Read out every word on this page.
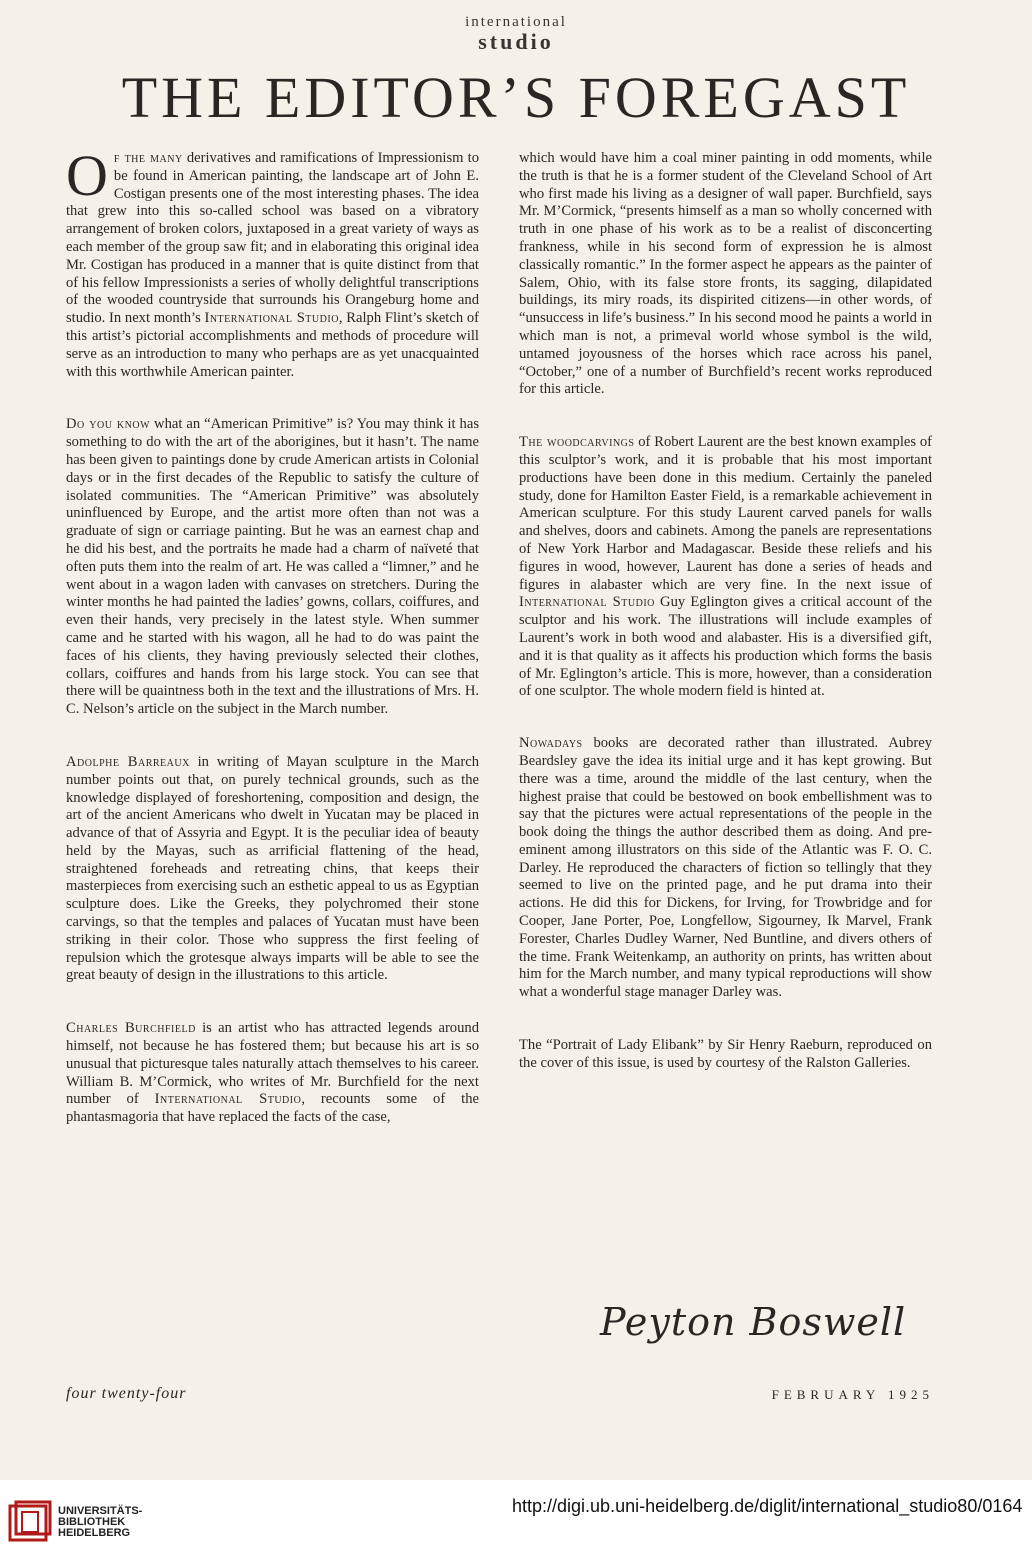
international
studio
THE EDITOR’S FOREGAST

Of the many derivatives and ramifications of Impressionism to be found in American painting, the landscape art of John E. Costigan presents one of the most interesting phases. The idea that grew into this so-called school was based on a vibratory arrangement of broken colors, juxtaposed in a great variety of ways as each member of the group saw fit; and in elaborating this original idea Mr. Costigan has produced in a manner that is quite distinct from that of his fellow Impressionists a series of wholly delightful transcriptions of the wooded countryside that surrounds his Orangeburg home and studio. In next month’s International Studio, Ralph Flint’s sketch of this artist’s pictorial accomplishments and methods of procedure will serve as an introduction to many who perhaps are as yet unacquainted with this worthwhile American painter.

Do you know what an “American Primitive” is? You may think it has something to do with the art of the aborigines, but it hasn’t. The name has been given to paintings done by crude American artists in Colonial days or in the first decades of the Republic to satisfy the culture of isolated communities. The “American Primitive” was absolutely uninfluenced by Europe, and the artist more often than not was a graduate of sign or carriage painting. But he was an earnest chap and he did his best, and the portraits he made had a charm of naïveté that often puts them into the realm of art. He was called a “limner,” and he went about in a wagon laden with canvases on stretchers. During the winter months he had painted the ladies’ gowns, collars, coiffures, and even their hands, very precisely in the latest style. When summer came and he started with his wagon, all he had to do was paint the faces of his clients, they having previously selected their clothes, collars, coiffures and hands from his large stock. You can see that there will be quaintness both in the text and the illustrations of Mrs. H. C. Nelson’s article on the subject in the March number.

Adolphe Barreaux in writing of Mayan sculpture in the March number points out that, on purely technical grounds, such as the knowledge displayed of foreshortening, composition and design, the art of the ancient Americans who dwelt in Yucatan may be placed in advance of that of Assyria and Egypt. It is the peculiar idea of beauty held by the Mayas, such as arrificial flattening of the head, straightened foreheads and retreating chins, that keeps their masterpieces from exercising such an esthetic appeal to us as Egyptian sculpture does. Like the Greeks, they polychromed their stone carvings, so that the temples and palaces of Yucatan must have been striking in their color. Those who suppress the first feeling of repulsion which the grotesque always imparts will be able to see the great beauty of design in the illustrations to this article.

Charles Burchfield is an artist who has attracted legends around himself, not because he has fostered them; but because his art is so unusual that picturesque tales naturally attach themselves to his career. William B. M’Cormick, who writes of Mr. Burchfield for the next number of International Studio, recounts some of the phantasmagoria that have replaced the facts of the case,

which would have him a coal miner painting in odd moments, while the truth is that he is a former student of the Cleveland School of Art who first made his living as a designer of wall paper. Burchfield, says Mr. M’Cormick, “presents himself as a man so wholly concerned with truth in one phase of his work as to be a realist of disconcerting frankness, while in his second form of expression he is almost classically romantic.” In the former aspect he appears as the painter of Salem, Ohio, with its false store fronts, its sagging, dilapidated buildings, its miry roads, its dispirited citizens—in other words, of “unsuccess in life’s business.” In his second mood he paints a world in which man is not, a primeval world whose symbol is the wild, untamed joyousness of the horses which race across his panel, “October,” one of a number of Burchfield’s recent works reproduced for this article.

The woodcarvings of Robert Laurent are the best known examples of this sculptor’s work, and it is probable that his most important productions have been done in this medium. Certainly the paneled study, done for Hamilton Easter Field, is a remarkable achievement in American sculpture. For this study Laurent carved panels for walls and shelves, doors and cabinets. Among the panels are representations of New York Harbor and Madagascar. Beside these reliefs and his figures in wood, however, Laurent has done a series of heads and figures in alabaster which are very fine. In the next issue of International Studio Guy Eglington gives a critical account of the sculptor and his work. The illustrations will include examples of Laurent’s work in both wood and alabaster. His is a diversified gift, and it is that quality as it affects his production which forms the basis of Mr. Eglington’s article. This is more, however, than a consideration of one sculptor. The whole modern field is hinted at.

Nowadays books are decorated rather than illustrated. Aubrey Beardsley gave the idea its initial urge and it has kept growing. But there was a time, around the middle of the last century, when the highest praise that could be bestowed on book embellishment was to say that the pictures were actual representations of the people in the book doing the things the author described them as doing. And pre-eminent among illustrators on this side of the Atlantic was F. O. C. Darley. He reproduced the characters of fiction so tellingly that they seemed to live on the printed page, and he put drama into their actions. He did this for Dickens, for Irving, for Trowbridge and for Cooper, Jane Porter, Poe, Longfellow, Sigourney, Ik Marvel, Frank Forester, Charles Dudley Warner, Ned Buntline, and divers others of the time. Frank Weitenkamp, an authority on prints, has written about him for the March number, and many typical reproductions will show what a wonderful stage manager Darley was.

The “Portrait of Lady Elibank” by Sir Henry Raeburn, reproduced on the cover of this issue, is used by courtesy of the Ralston Galleries.

Peyton Boswell
four twenty-four	FEBRUARY 1925
UNIVERSITÄTS-
BIBLIOTHEK
HEIDELBERG
http://digi.ub.uni-heidelberg.de/diglit/international_studio80/0164
